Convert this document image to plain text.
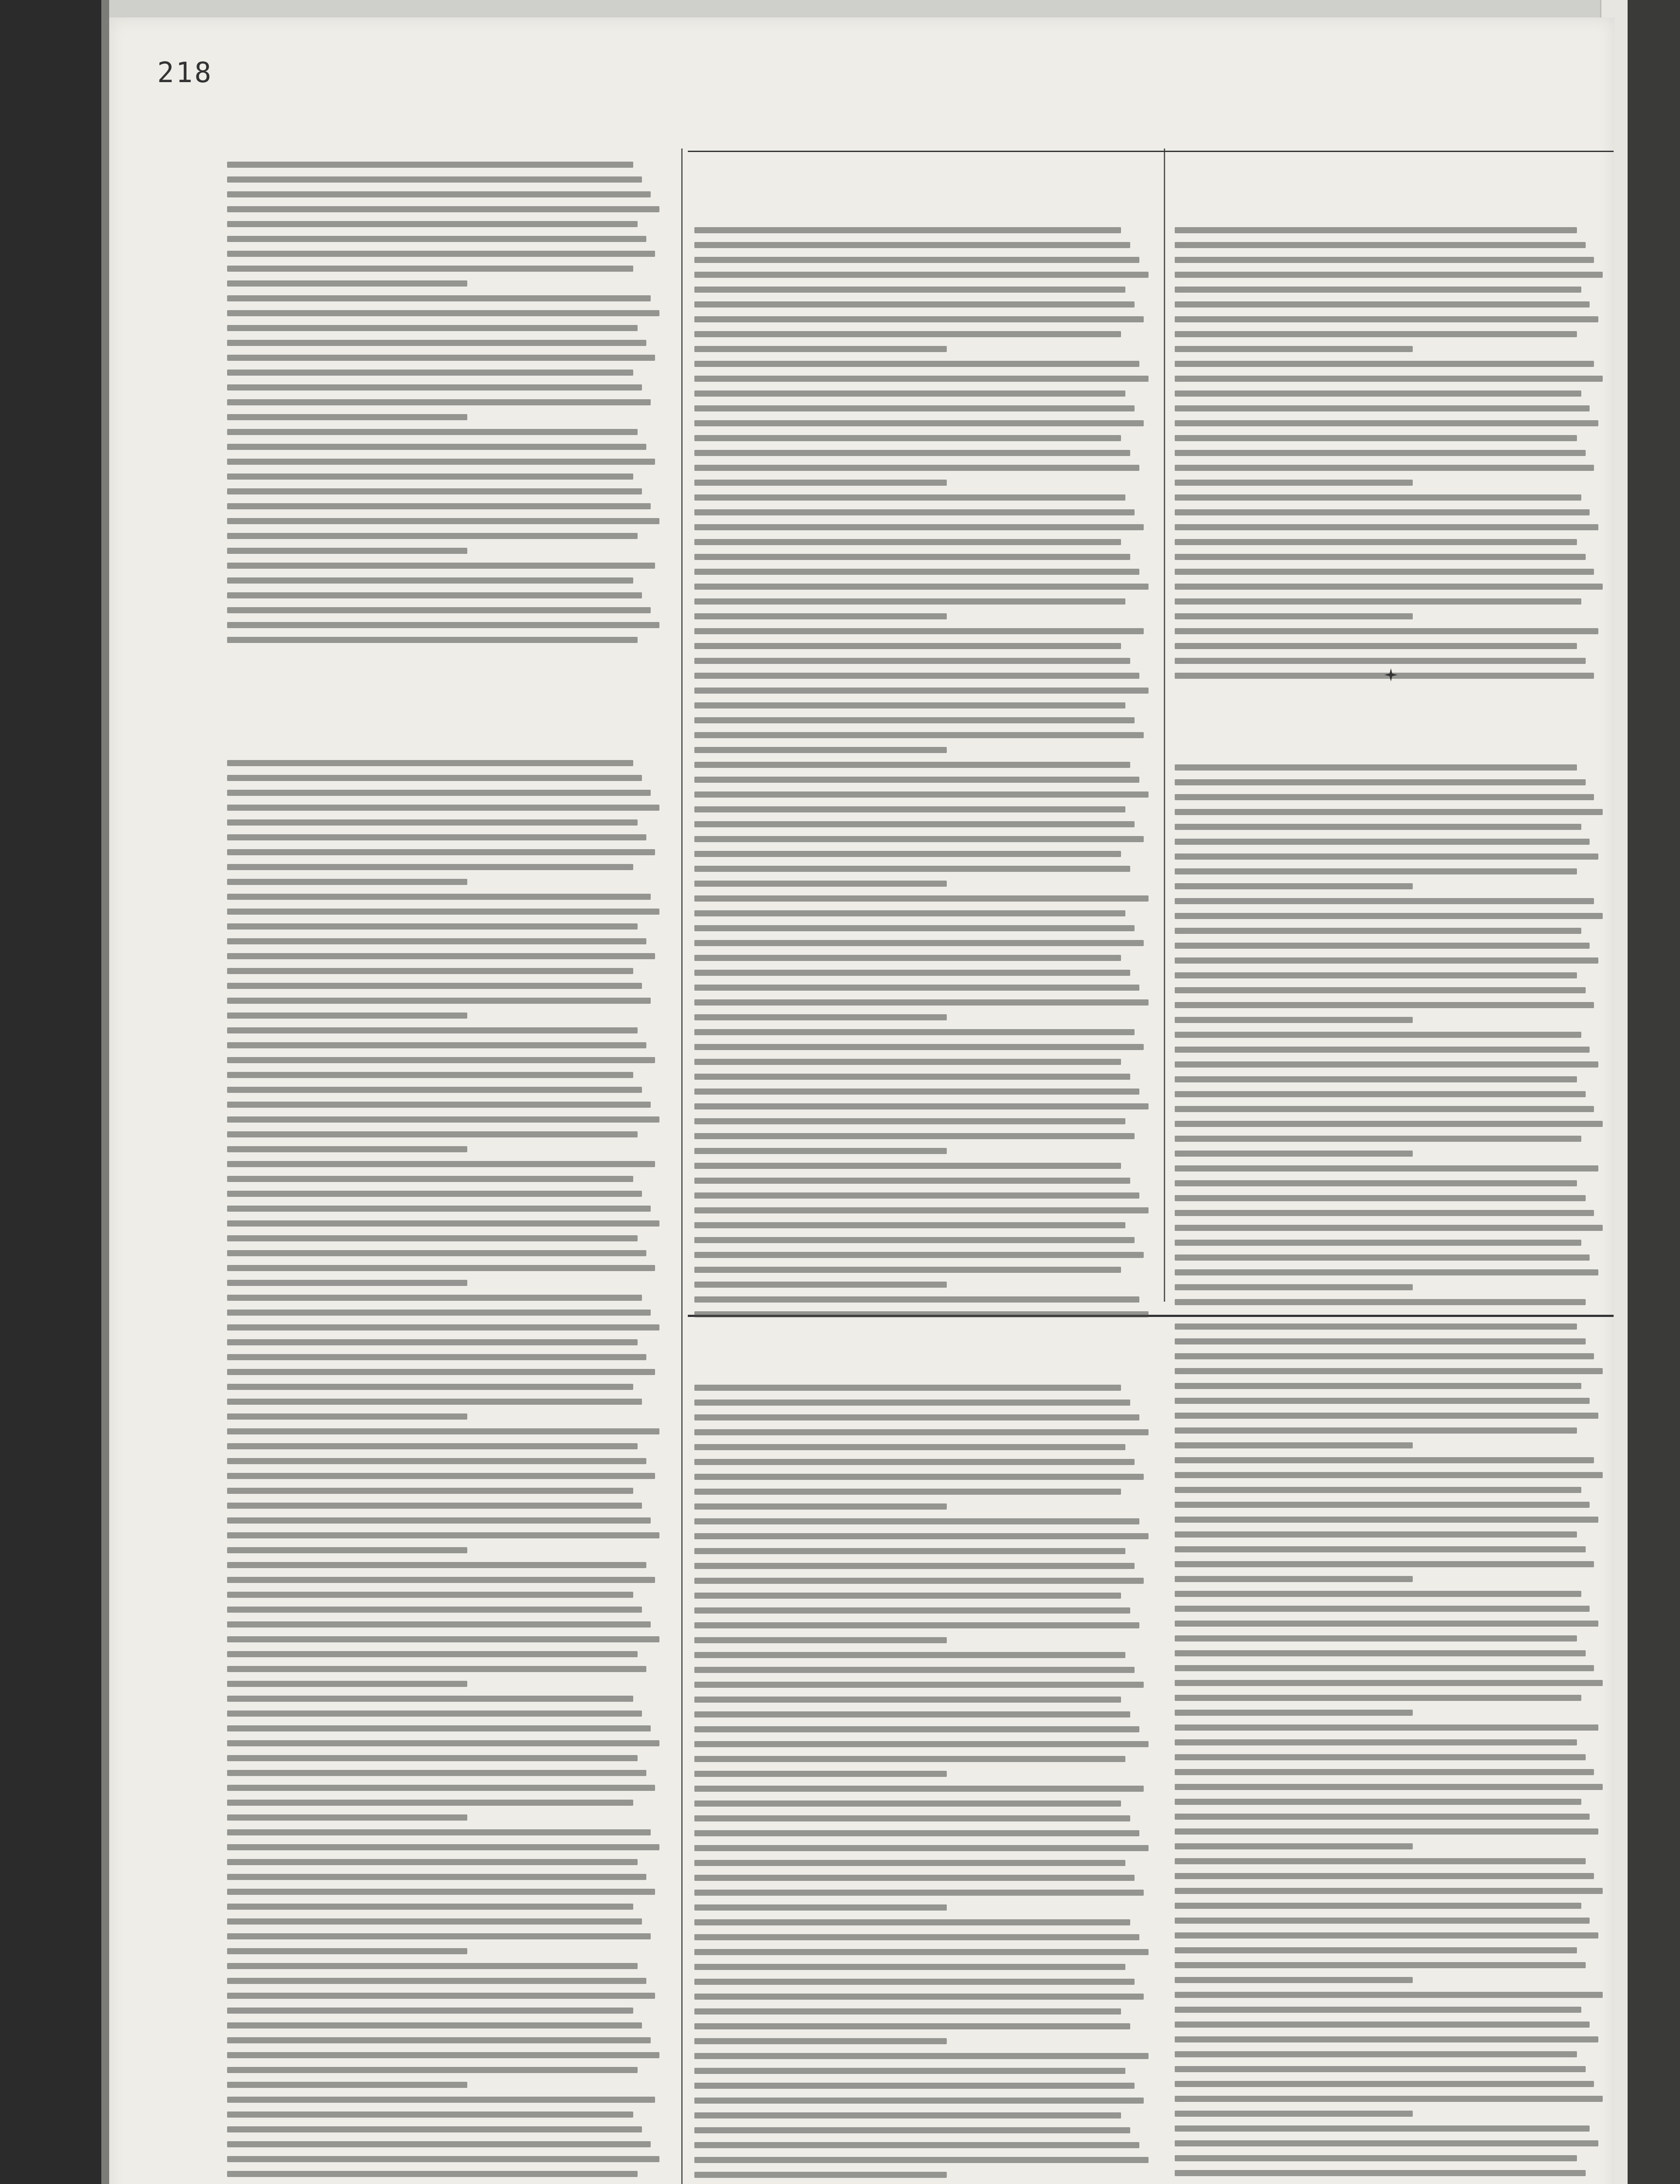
218
